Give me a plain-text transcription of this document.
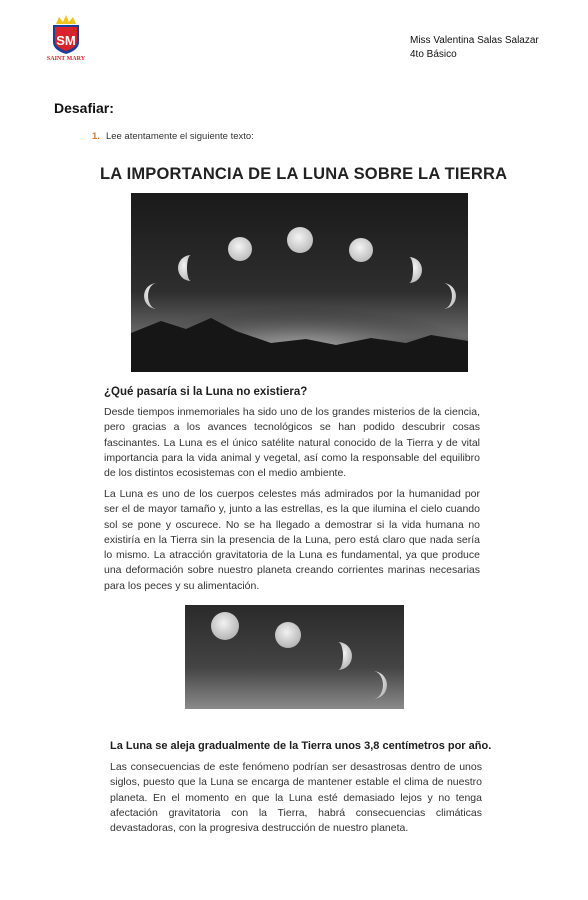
SM
SAINT MARY
Miss Valentina Salas Salazar
4to Básico
Desafiar:
1. Lee atentamente el siguiente texto:
LA IMPORTANCIA DE LA LUNA SOBRE LA TIERRA
¿Qué pasaría si la Luna no existiera?

Desde tiempos inmemoriales ha sido uno de los grandes misterios de la ciencia, pero gracias a los avances tecnológicos se han podido descubrir cosas fascinantes. La Luna es el único satélite natural conocido de la Tierra y de vital importancia para la vida animal y vegetal, así como la responsable del equilibro de los distintos ecosistemas con el medio ambiente.

La Luna es uno de los cuerpos celestes más admirados por la humanidad por ser el de mayor tamaño y, junto a las estrellas, es la que ilumina el cielo cuando sol se pone y oscurece. No se ha llegado a demostrar si la vida humana no existiría en la Tierra sin la presencia de la Luna, pero está claro que nada sería lo mismo. La atracción gravitatoria de la Luna es fundamental, ya que produce una deformación sobre nuestro planeta creando corrientes marinas necesarias para los peces y su alimentación.

La Luna se aleja gradualmente de la Tierra unos 3,8 centímetros por año.

Las consecuencias de este fenómeno podrían ser desastrosas dentro de unos siglos, puesto que la Luna se encarga de mantener estable el clima de nuestro planeta. En el momento en que la Luna esté demasiado lejos y no tenga afectación gravitatoria con la Tierra, habrá consecuencias climáticas devastadoras, con la progresiva destrucción de nuestro planeta.
